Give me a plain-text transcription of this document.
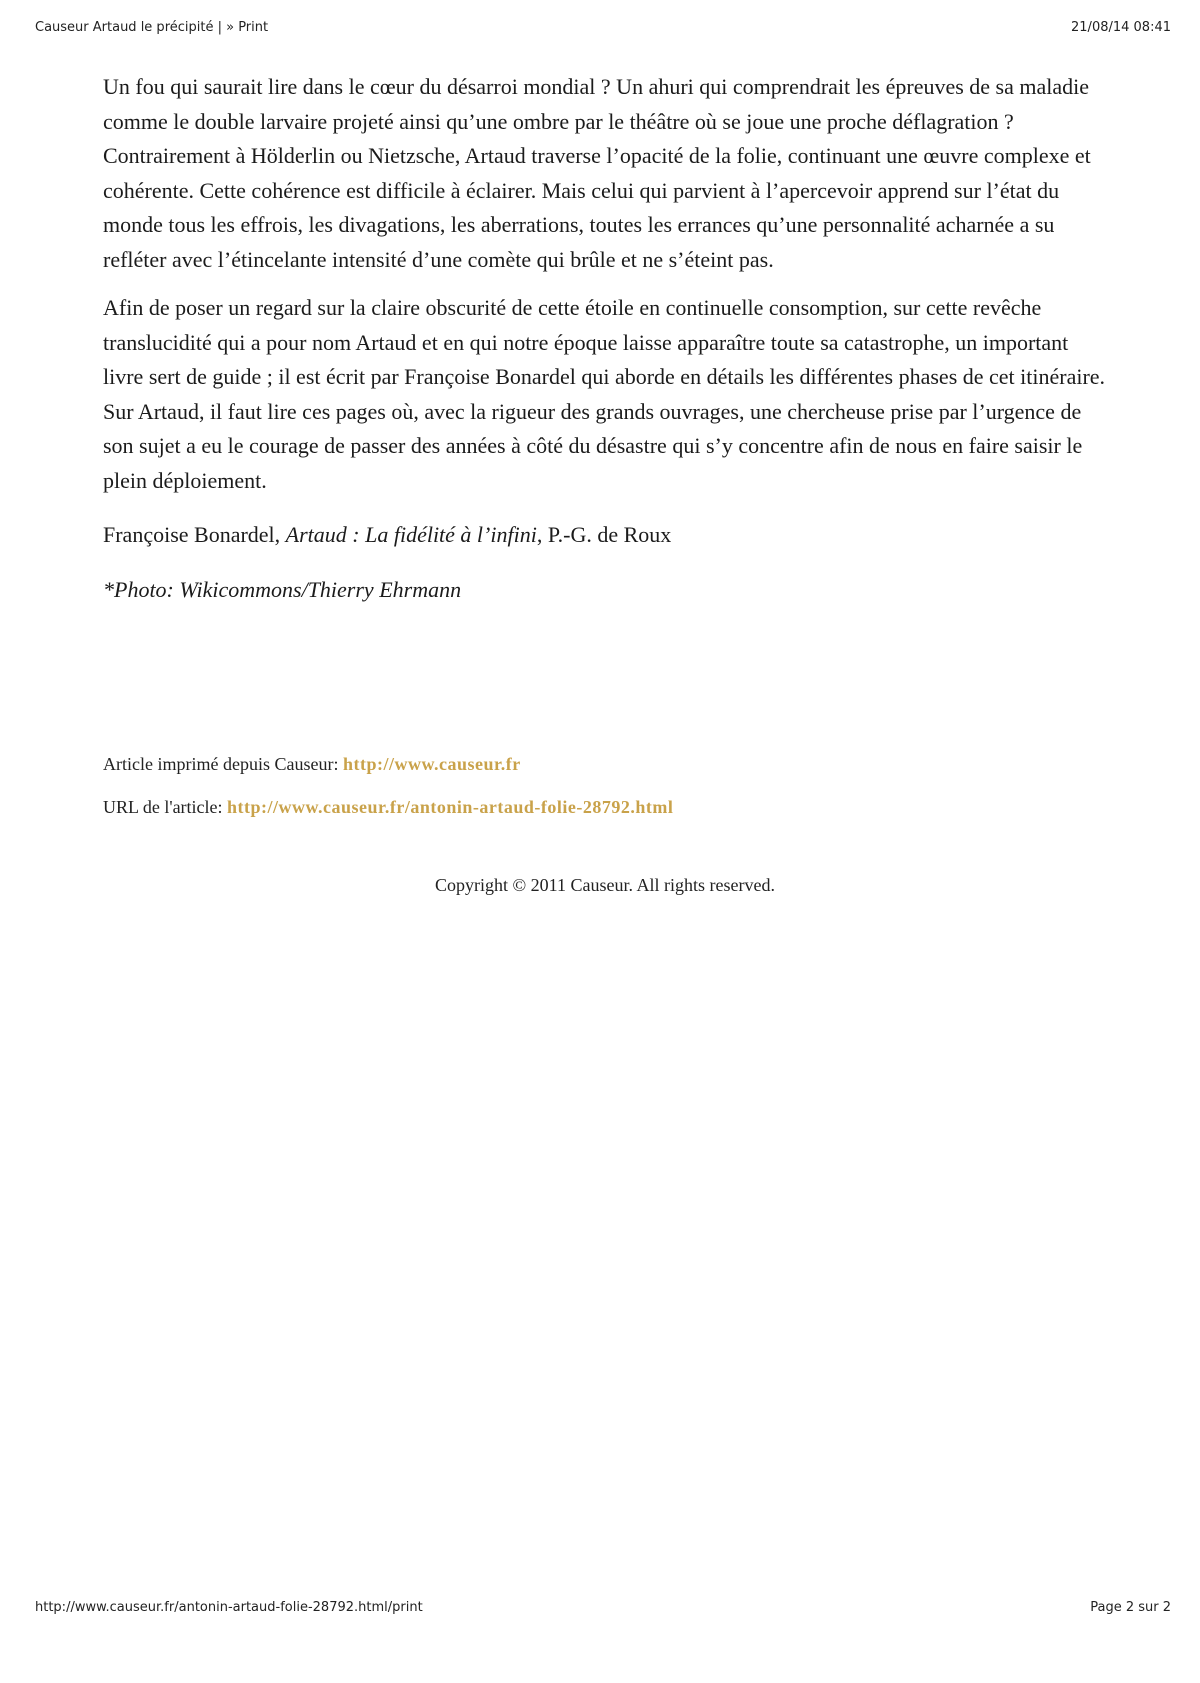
Causeur Artaud le précipité | » Print	21/08/14 08:41

Un fou qui saurait lire dans le cœur du désarroi mondial ? Un ahuri qui comprendrait les épreuves de sa maladie comme le double larvaire projeté ainsi qu’une ombre par le théâtre où se joue une proche déflagration ? Contrairement à Hölderlin ou Nietzsche, Artaud traverse l’opacité de la folie, continuant une œuvre complexe et cohérente. Cette cohérence est difficile à éclairer. Mais celui qui parvient à l’apercevoir apprend sur l’état du monde tous les effrois, les divagations, les aberrations, toutes les errances qu’une personnalité acharnée a su refléter avec l’étincelante intensité d’une comète qui brûle et ne s’éteint pas.

Afin de poser un regard sur la claire obscurité de cette étoile en continuelle consomption, sur cette revêche translucidité qui a pour nom Artaud et en qui notre époque laisse apparaître toute sa catastrophe, un important livre sert de guide ; il est écrit par Françoise Bonardel qui aborde en détails les différentes phases de cet itinéraire. Sur Artaud, il faut lire ces pages où, avec la rigueur des grands ouvrages, une chercheuse prise par l’urgence de son sujet a eu le courage de passer des années à côté du désastre qui s’y concentre afin de nous en faire saisir le plein déploiement.

Françoise Bonardel, Artaud : La fidélité à l’infini, P.-G. de Roux

*Photo: Wikicommons/Thierry Ehrmann

Article imprimé depuis Causeur: http://www.causeur.fr
URL de l'article: http://www.causeur.fr/antonin-artaud-folie-28792.html
Copyright © 2011 Causeur. All rights reserved.
http://www.causeur.fr/antonin-artaud-folie-28792.html/print	Page 2 sur 2
